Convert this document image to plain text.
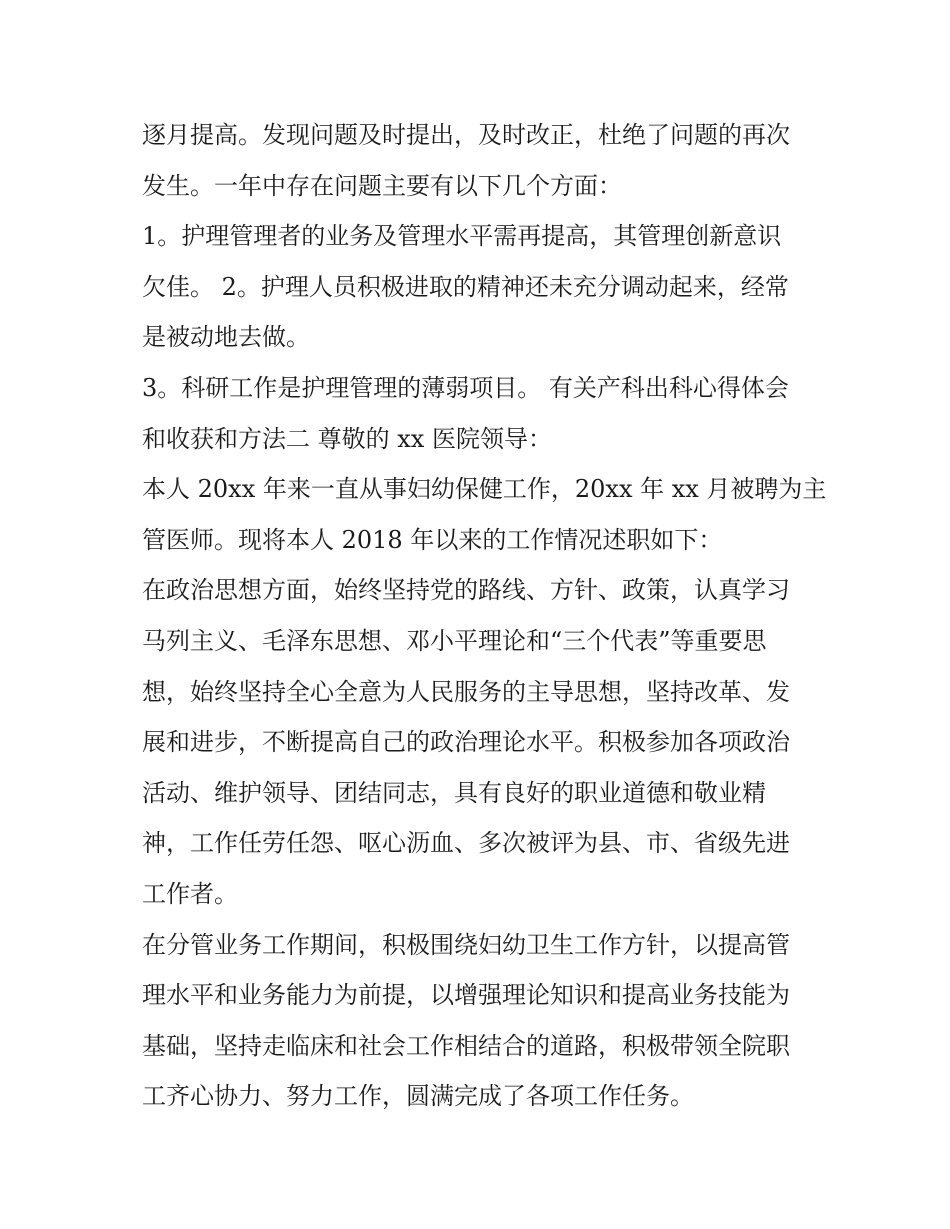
逐月提高。发现问题及时提出，及时改正，杜绝了问题的再次

发生。一年中存在问题主要有以下几个方面：

1。护理管理者的业务及管理水平需再提高，其管理创新意识

欠佳。 2。护理人员积极进取的精神还未充分调动起来，经常

是被动地去做。

3。科研工作是护理管理的薄弱项目。 有关产科出科心得体会

和收获和方法二 尊敬的 xx 医院领导：

本人 20xx 年来一直从事妇幼保健工作，20xx 年 xx 月被聘为主

管医师。现将本人 2018 年以来的工作情况述职如下：

在政治思想方面，始终坚持党的路线、方针、政策，认真学习

马列主义、毛泽东思想、邓小平理论和“三个代表”等重要思

想，始终坚持全心全意为人民服务的主导思想，坚持改革、发

展和进步，不断提高自己的政治理论水平。积极参加各项政治

活动、维护领导、团结同志，具有良好的职业道德和敬业精

神，工作任劳任怨、呕心沥血、多次被评为县、市、省级先进

工作者。

在分管业务工作期间，积极围绕妇幼卫生工作方针，以提高管

理水平和业务能力为前提，以增强理论知识和提高业务技能为

基础，坚持走临床和社会工作相结合的道路，积极带领全院职

工齐心协力、努力工作，圆满完成了各项工作任务。
